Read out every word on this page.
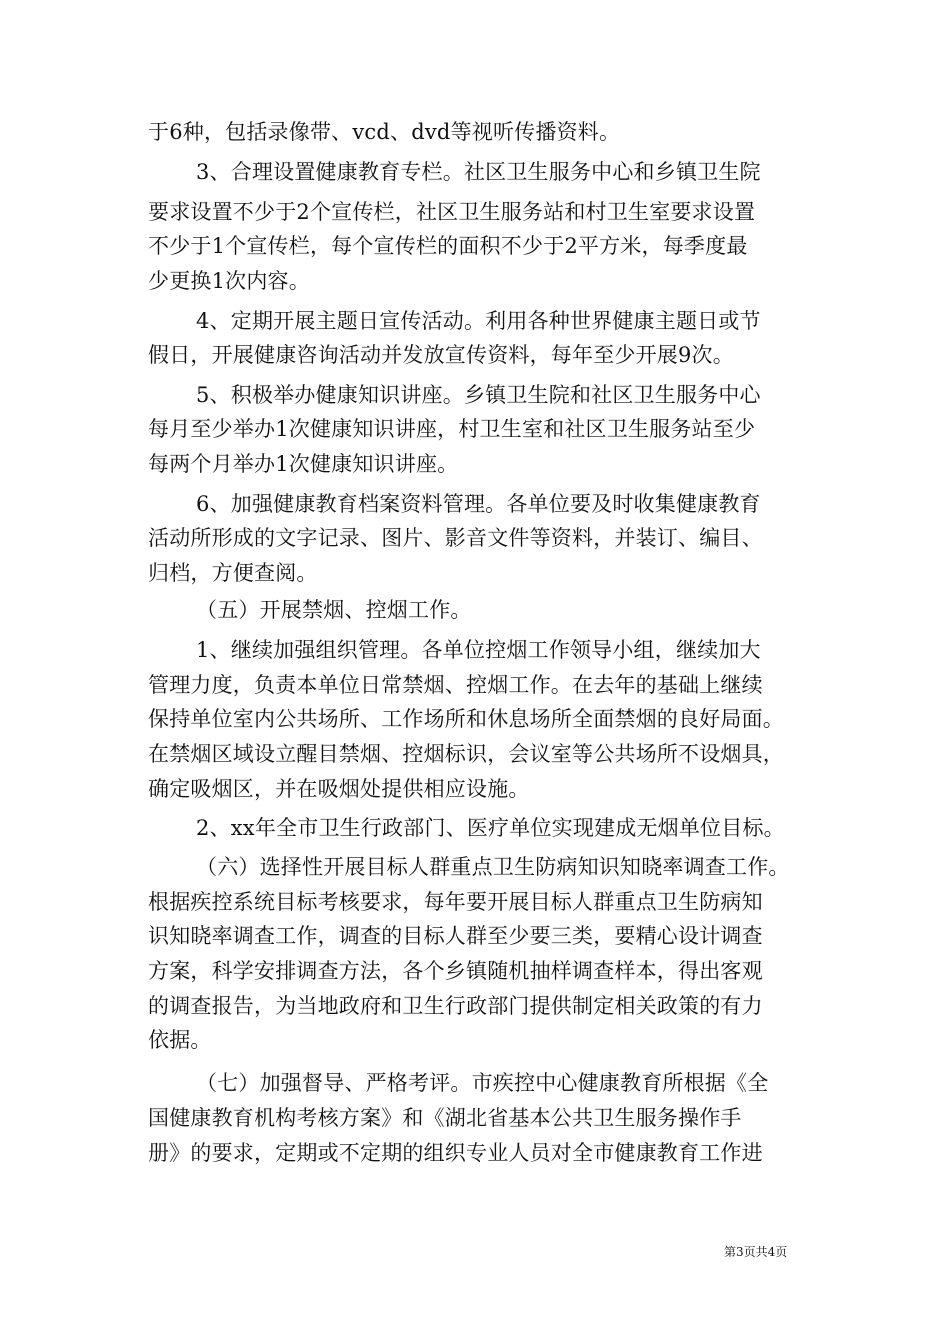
于6种，包括录像带、vcd、dvd等视听传播资料。
3、合理设置健康教育专栏。社区卫生服务中心和乡镇卫生院
要求设置不少于2个宣传栏，社区卫生服务站和村卫生室要求设置
不少于1个宣传栏，每个宣传栏的面积不少于2平方米，每季度最
少更换1次内容。
4、定期开展主题日宣传活动。利用各种世界健康主题日或节
假日，开展健康咨询活动并发放宣传资料，每年至少开展9次。
5、积极举办健康知识讲座。乡镇卫生院和社区卫生服务中心
每月至少举办1次健康知识讲座，村卫生室和社区卫生服务站至少
每两个月举办1次健康知识讲座。
6、加强健康教育档案资料管理。各单位要及时收集健康教育
活动所形成的文字记录、图片、影音文件等资料，并装订、编目、
归档，方便查阅。
（五）开展禁烟、控烟工作。
1、继续加强组织管理。各单位控烟工作领导小组，继续加大
管理力度，负责本单位日常禁烟、控烟工作。在去年的基础上继续
保持单位室内公共场所、工作场所和休息场所全面禁烟的良好局面。
在禁烟区域设立醒目禁烟、控烟标识，会议室等公共场所不设烟具，
确定吸烟区，并在吸烟处提供相应设施。
2、xx年全市卫生行政部门、医疗单位实现建成无烟单位目标。
（六）选择性开展目标人群重点卫生防病知识知晓率调查工作。
根据疾控系统目标考核要求，每年要开展目标人群重点卫生防病知
识知晓率调查工作，调查的目标人群至少要三类，要精心设计调查
方案，科学安排调查方法，各个乡镇随机抽样调查样本，得出客观
的调查报告，为当地政府和卫生行政部门提供制定相关政策的有力
依据。
（七）加强督导、严格考评。市疾控中心健康教育所根据《全
国健康教育机构考核方案》和《湖北省基本公共卫生服务操作手
册》的要求，定期或不定期的组织专业人员对全市健康教育工作进
第3页共4页
